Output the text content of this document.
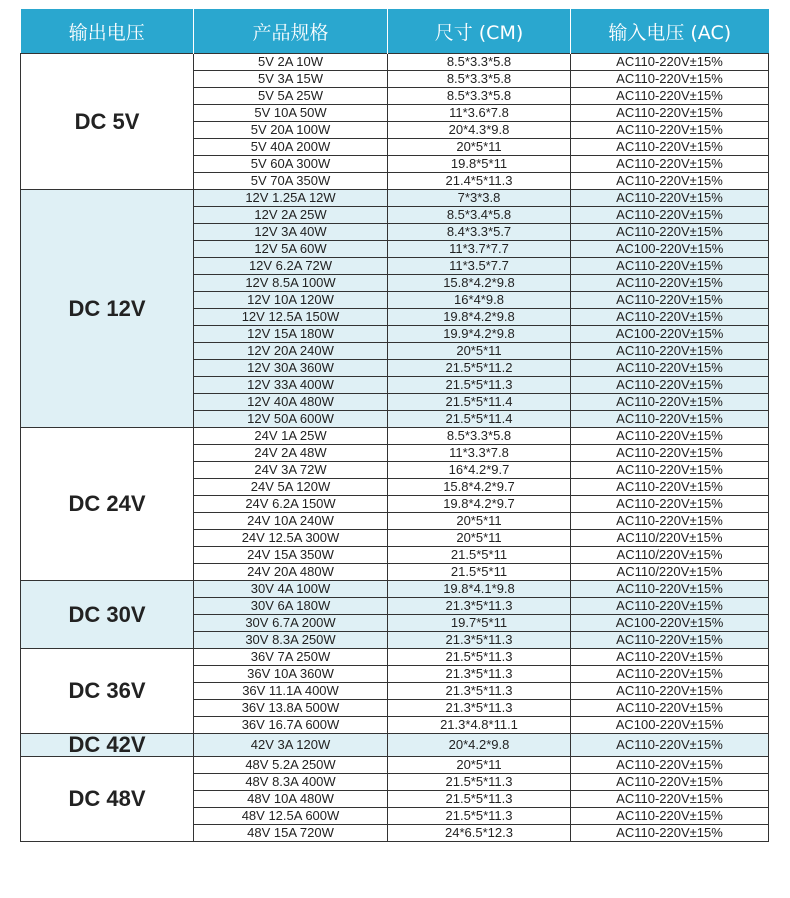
输出电压	产品规格	尺寸 (CM)	输入电压 (AC)
DC 5V	5V 2A 10W	8.5*3.3*5.8	AC110-220V±15%
	5V 3A 15W	8.5*3.3*5.8	AC110-220V±15%
	5V 5A 25W	8.5*3.3*5.8	AC110-220V±15%
	5V 10A 50W	11*3.6*7.8	AC110-220V±15%
	5V 20A 100W	20*4.3*9.8	AC110-220V±15%
	5V 40A 200W	20*5*11	AC110-220V±15%
	5V 60A 300W	19.8*5*11	AC110-220V±15%
	5V 70A 350W	21.4*5*11.3	AC110-220V±15%
DC 12V	12V 1.25A 12W	7*3*3.8	AC110-220V±15%
	12V 2A 25W	8.5*3.4*5.8	AC110-220V±15%
	12V 3A 40W	8.4*3.3*5.7	AC110-220V±15%
	12V 5A 60W	11*3.7*7.7	AC100-220V±15%
	12V 6.2A 72W	11*3.5*7.7	AC110-220V±15%
	12V 8.5A 100W	15.8*4.2*9.8	AC110-220V±15%
	12V 10A 120W	16*4*9.8	AC110-220V±15%
	12V 12.5A 150W	19.8*4.2*9.8	AC110-220V±15%
	12V 15A 180W	19.9*4.2*9.8	AC100-220V±15%
	12V 20A 240W	20*5*11	AC110-220V±15%
	12V 30A 360W	21.5*5*11.2	AC110-220V±15%
	12V 33A 400W	21.5*5*11.3	AC110-220V±15%
	12V 40A 480W	21.5*5*11.4	AC110-220V±15%
	12V 50A 600W	21.5*5*11.4	AC110-220V±15%
DC 24V	24V 1A 25W	8.5*3.3*5.8	AC110-220V±15%
	24V 2A 48W	11*3.3*7.8	AC110-220V±15%
	24V 3A 72W	16*4.2*9.7	AC110-220V±15%
	24V 5A 120W	15.8*4.2*9.7	AC110-220V±15%
	24V 6.2A 150W	19.8*4.2*9.7	AC110-220V±15%
	24V 10A 240W	20*5*11	AC110-220V±15%
	24V 12.5A 300W	20*5*11	AC110/220V±15%
	24V 15A 350W	21.5*5*11	AC110/220V±15%
	24V 20A 480W	21.5*5*11	AC110/220V±15%
DC 30V	30V 4A 100W	19.8*4.1*9.8	AC110-220V±15%
	30V 6A 180W	21.3*5*11.3	AC110-220V±15%
	30V 6.7A 200W	19.7*5*11	AC100-220V±15%
	30V 8.3A 250W	21.3*5*11.3	AC110-220V±15%
DC 36V	36V 7A 250W	21.5*5*11.3	AC110-220V±15%
	36V 10A 360W	21.3*5*11.3	AC110-220V±15%
	36V 11.1A 400W	21.3*5*11.3	AC110-220V±15%
	36V 13.8A 500W	21.3*5*11.3	AC110-220V±15%
	36V 16.7A 600W	21.3*4.8*11.1	AC100-220V±15%
DC 42V	42V 3A 120W	20*4.2*9.8	AC110-220V±15%
DC 48V	48V 5.2A 250W	20*5*11	AC110-220V±15%
	48V 8.3A 400W	21.5*5*11.3	AC110-220V±15%
	48V 10A 480W	21.5*5*11.3	AC110-220V±15%
	48V 12.5A 600W	21.5*5*11.3	AC110-220V±15%
	48V 15A 720W	24*6.5*12.3	AC110-220V±15%
